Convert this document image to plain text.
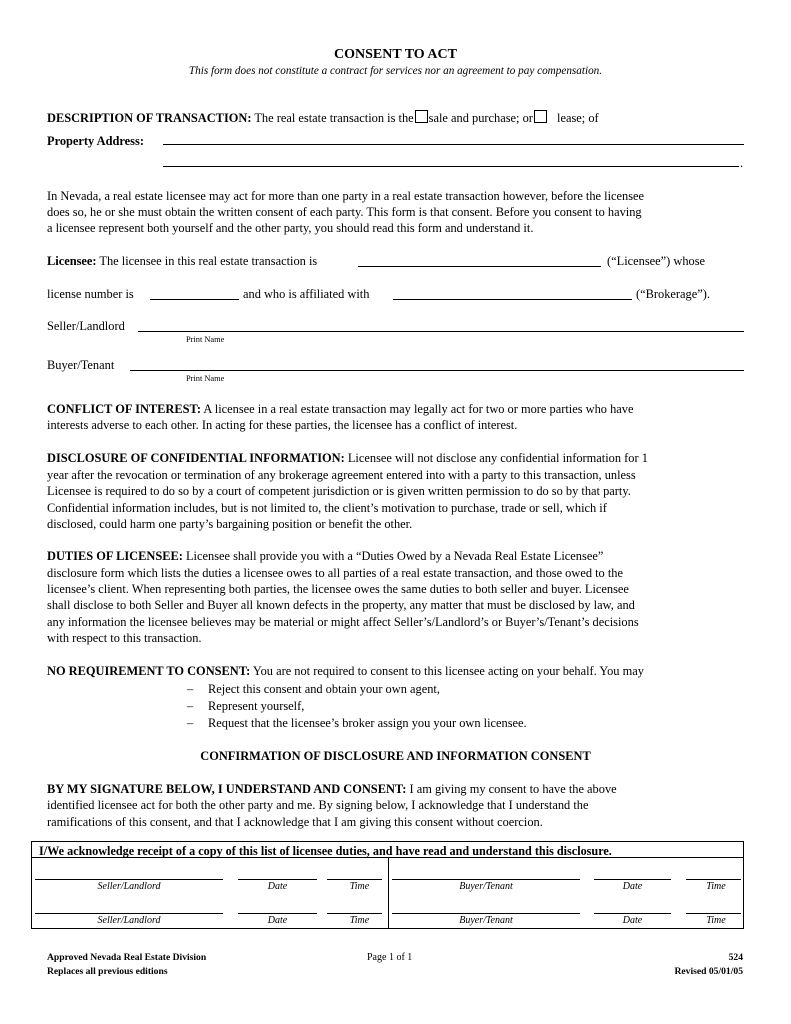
CONSENT TO ACT
This form does not constitute a contract for services nor an agreement to pay compensation.
DESCRIPTION OF TRANSACTION: The real estate transaction is the sale and purchase; or lease; of
Property Address:
.
In Nevada, a real estate licensee may act for more than one party in a real estate transaction however, before the licensee
does so, he or she must obtain the written consent of each party. This form is that consent. Before you consent to having
a licensee represent both yourself and the other party, you should read this form and understand it.
Licensee: The licensee in this real estate transaction is	(“Licensee”) whose
license number is	and who is affiliated with	(“Brokerage”).
Seller/Landlord
Print Name
Buyer/Tenant
Print Name
CONFLICT OF INTEREST: A licensee in a real estate transaction may legally act for two or more parties who have
interests adverse to each other. In acting for these parties, the licensee has a conflict of interest.
DISCLOSURE OF CONFIDENTIAL INFORMATION: Licensee will not disclose any confidential information for 1
year after the revocation or termination of any brokerage agreement entered into with a party to this transaction, unless
Licensee is required to do so by a court of competent jurisdiction or is given written permission to do so by that party.
Confidential information includes, but is not limited to, the client’s motivation to purchase, trade or sell, which if
disclosed, could harm one party’s bargaining position or benefit the other.
DUTIES OF LICENSEE: Licensee shall provide you with a “Duties Owed by a Nevada Real Estate Licensee”
disclosure form which lists the duties a licensee owes to all parties of a real estate transaction, and those owed to the
licensee’s client. When representing both parties, the licensee owes the same duties to both seller and buyer. Licensee
shall disclose to both Seller and Buyer all known defects in the property, any matter that must be disclosed by law, and
any information the licensee believes may be material or might affect Seller’s/Landlord’s or Buyer’s/Tenant’s decisions
with respect to this transaction.
NO REQUIREMENT TO CONSENT: You are not required to consent to this licensee acting on your behalf. You may
– Reject this consent and obtain your own agent,
– Represent yourself,
– Request that the licensee’s broker assign you your own licensee.
CONFIRMATION OF DISCLOSURE AND INFORMATION CONSENT
BY MY SIGNATURE BELOW, I UNDERSTAND AND CONSENT: I am giving my consent to have the above
identified licensee act for both the other party and me. By signing below, I acknowledge that I understand the
ramifications of this consent, and that I acknowledge that I am giving this consent without coercion.
I/We acknowledge receipt of a copy of this list of licensee duties, and have read and understand this disclosure.
Seller/Landlord	Date	Time	Buyer/Tenant	Date	Time
Seller/Landlord	Date	Time	Buyer/Tenant	Date	Time
Approved Nevada Real Estate Division
Replaces all previous editions
Page 1 of 1	524
Revised 05/01/05
